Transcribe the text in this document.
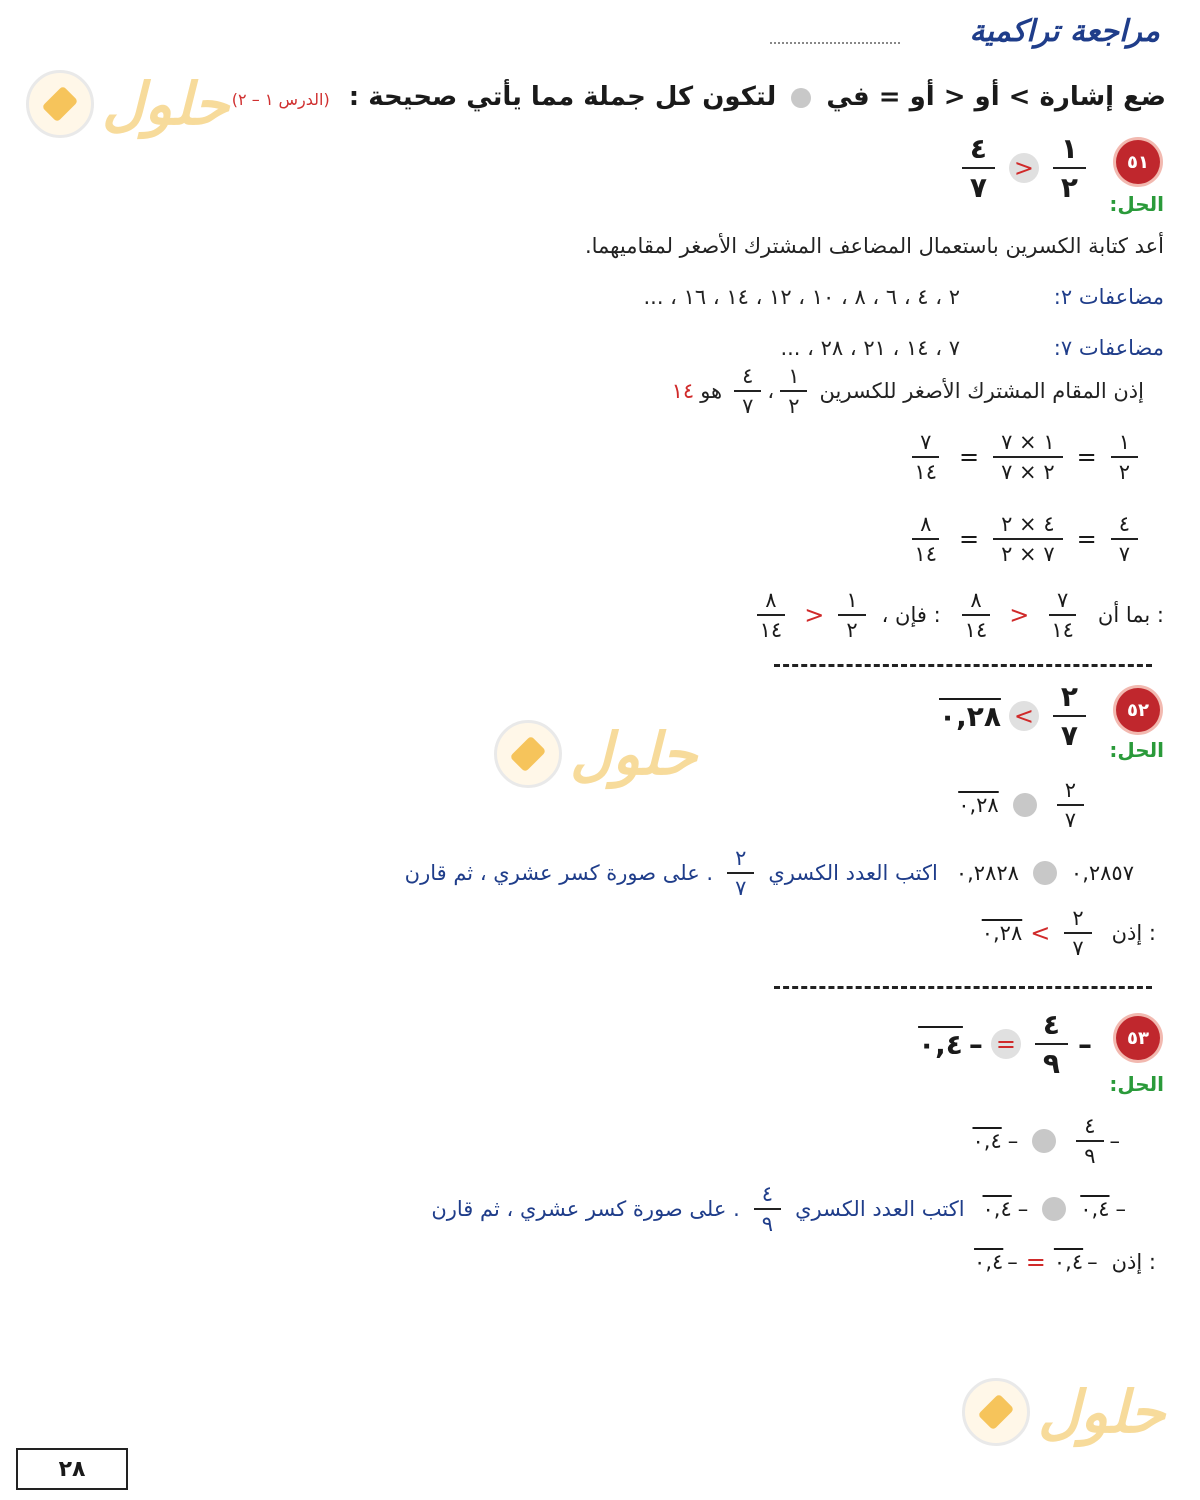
مراجعة تراكمية
ضع إشارة > أو < أو = في  لتكون كل جملة مما يأتي صحيحة : (الدرس ١ – ٢)
حلول
حلول
حلول
٥١
$\frac{١}{٢}$
>
$\frac{٤}{٧}$	الحل:
أعد كتابة الكسرين باستعمال المضاعف المشترك الأصغر لمقاميهما.
مضاعفات ٢:
٢ ، ٤ ، ٦ ، ٨ ، ١٠ ، ١٢ ، ١٤ ، ١٦ ، ...
مضاعفات ٧:
٧ ، ١٤ ، ٢١ ، ٢٨ ، ...
إذن المقام المشترك الأصغر للكسرين
$\frac{١}{٢}$
،
$\frac{٤}{٧}$
هو
١٤
$\frac{١}{٢}$
=
$\frac{١ \times ٧}{٢ \times ٧}$
=
$\frac{٧}{١٤}$
$\frac{٤}{٧}$
=
$\frac{٤ \times ٢}{٧ \times ٢}$
=
$\frac{٨}{١٤}$
بما أن :
$\frac{٧}{١٤}$
>
$\frac{٨}{١٤}$
، فإن :
$\frac{١}{٢}$
>
$\frac{٨}{١٤}$
٥٢
$\frac{٢}{٧}$
<
٠,٢٨
الحل:
$\frac{٢}{٧}$
٠,٢٨
٠,٢٨٥٧
٠,٢٨٢٨
اكتب العدد الكسري
$\frac{٢}{٧}$
على صورة كسر عشري ، ثم قارن .
إذن :
$\frac{٢}{٧}$
<
٠,٢٨
٥٣
–
$\frac{٤}{٩}$
=
–
٠,٤
الحل:
–
$\frac{٤}{٩}$
–
٠,٤
–
٠,٤
–
٠,٤
اكتب العدد الكسري
$\frac{٤}{٩}$
على صورة كسر عشري ، ثم قارن .
إذن :
–
٠,٤
=
–
٠,٤
٢٨
